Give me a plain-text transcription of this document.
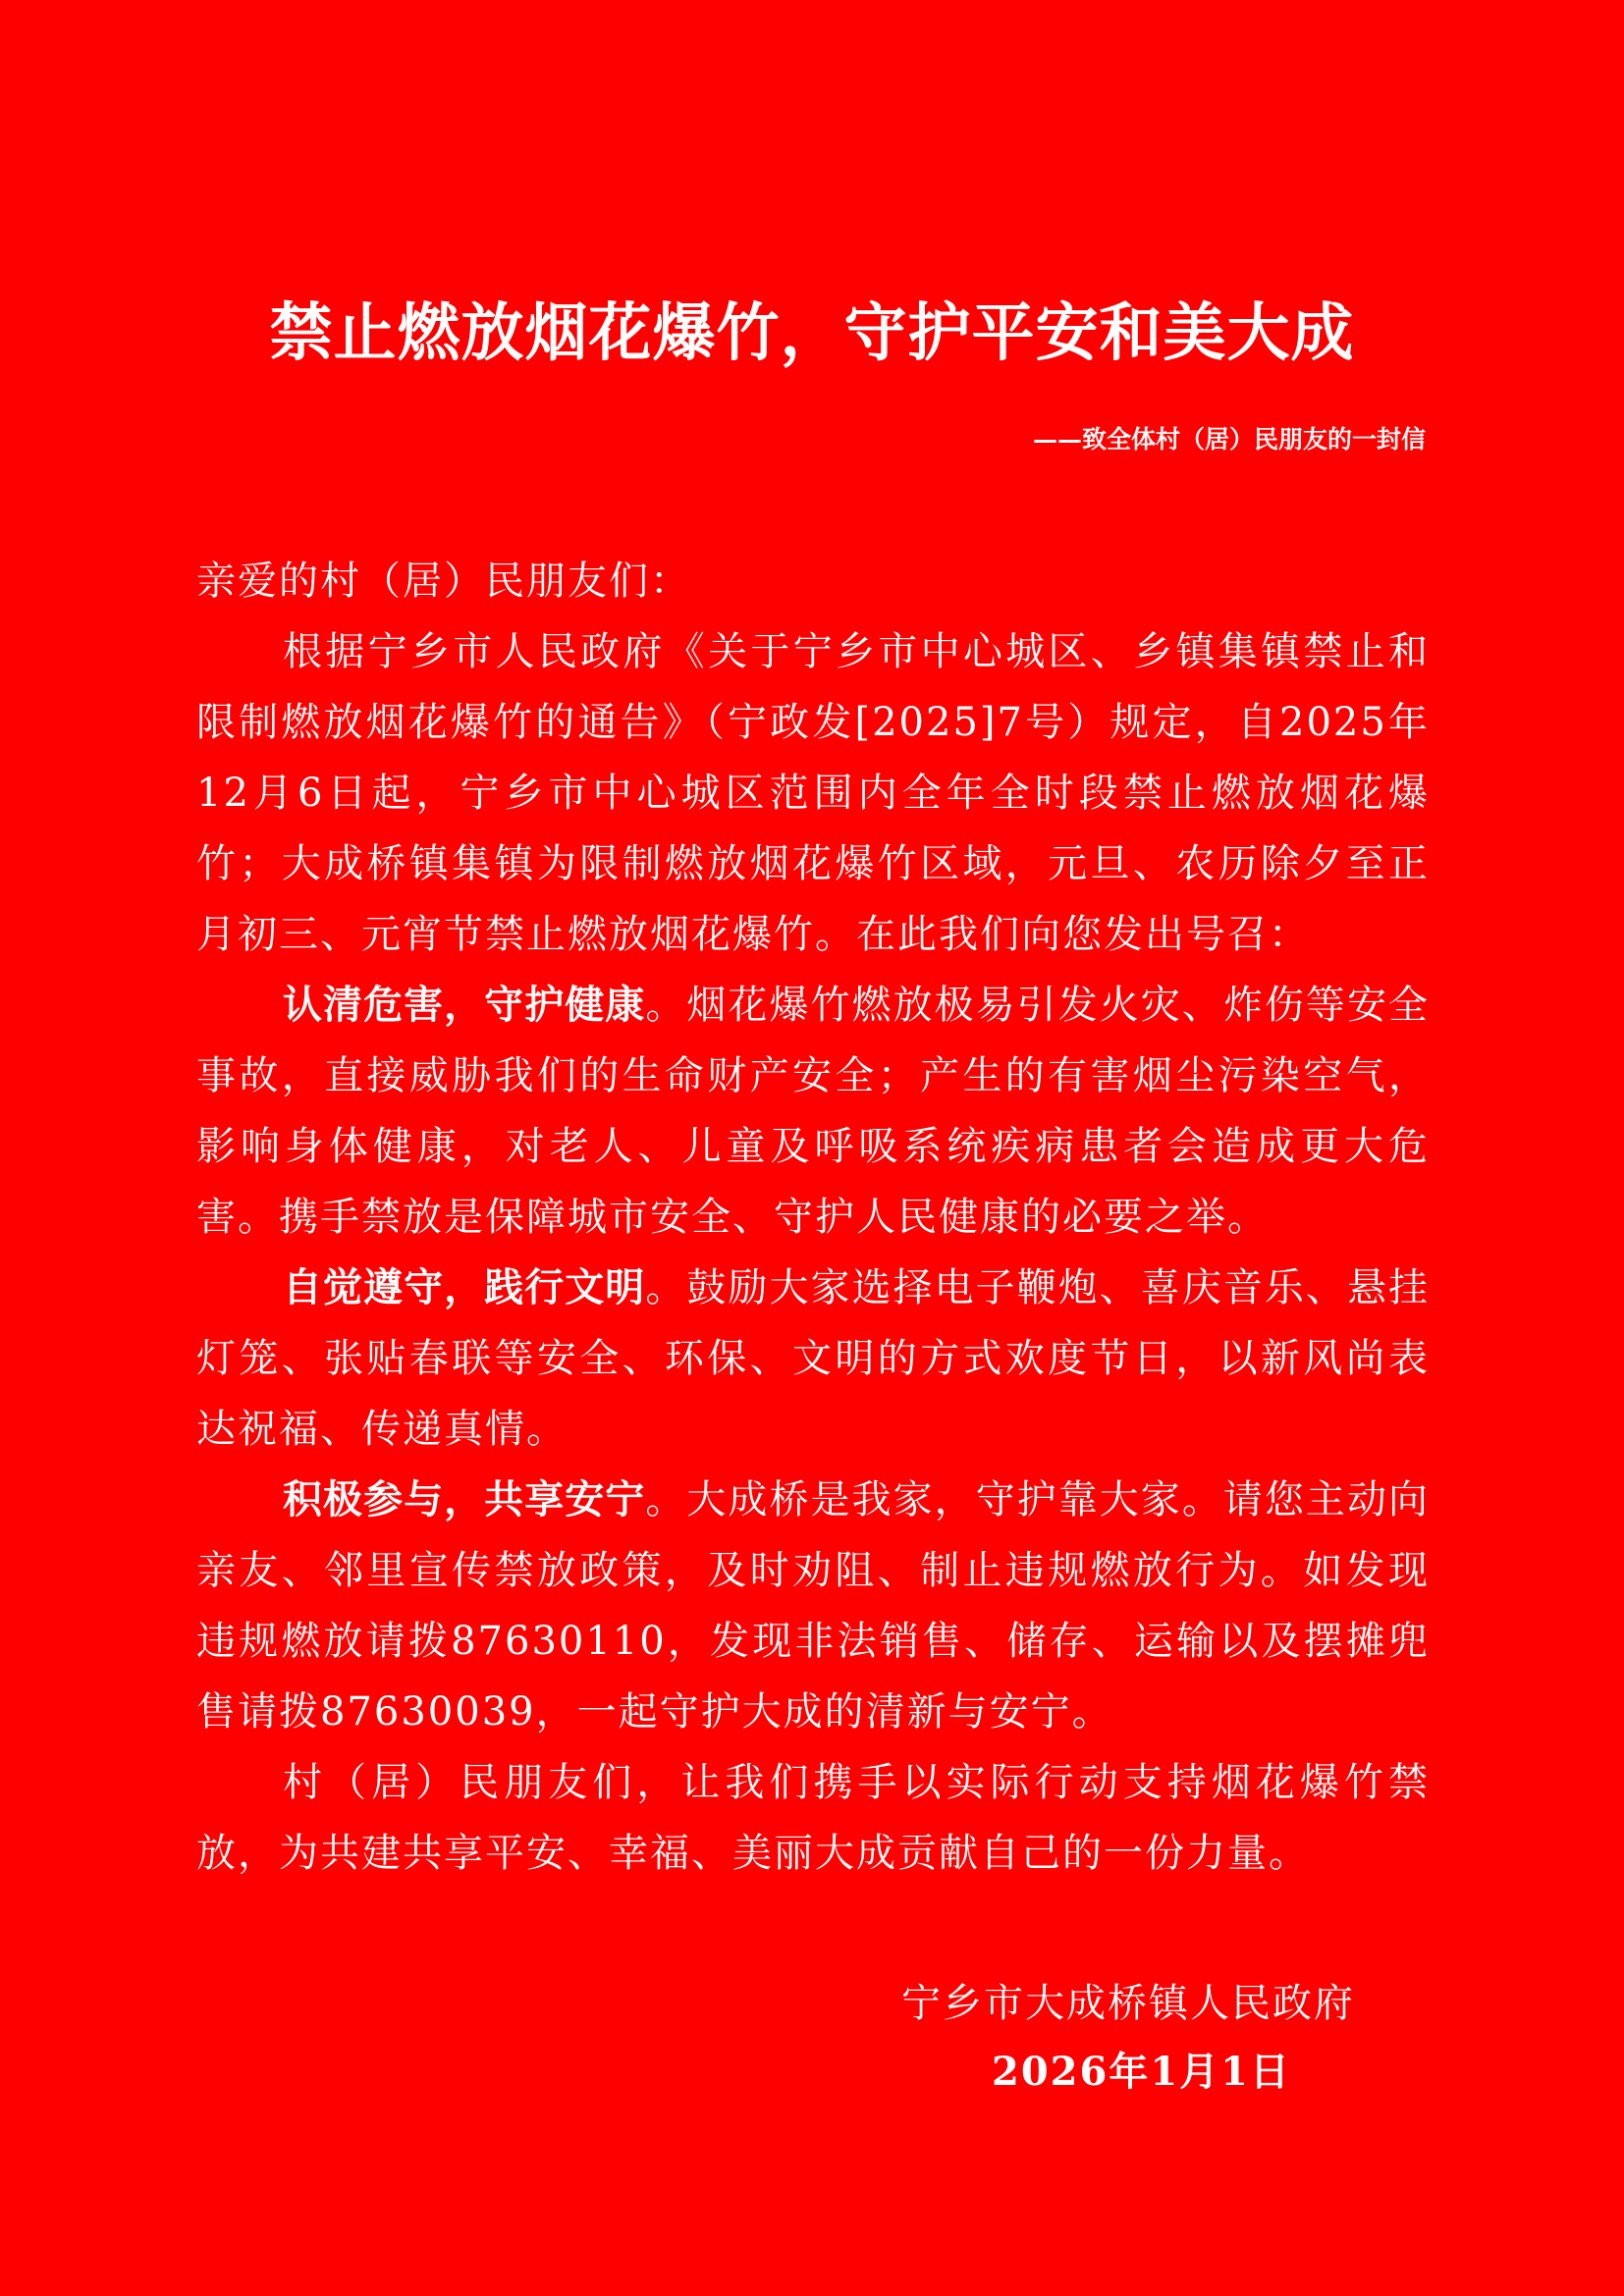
禁止燃放烟花爆竹，守护平安和美大成
——致全体村（居）民朋友的一封信

亲爱的村（居）民朋友们：

根据宁乡市人民政府《关于宁乡市中心城区、乡镇集镇禁止和限制燃放烟花爆竹的通告》（宁政发[2025]7号）规定，自2025年12月6日起，宁乡市中心城区范围内全年全时段禁止燃放烟花爆竹；大成桥镇集镇为限制燃放烟花爆竹区域，元旦、农历除夕至正月初三、元宵节禁止燃放烟花爆竹。在此我们向您发出号召：

认清危害，守护健康。烟花爆竹燃放极易引发火灾、炸伤等安全事故，直接威胁我们的生命财产安全；产生的有害烟尘污染空气，影响身体健康，对老人、儿童及呼吸系统疾病患者会造成更大危害。携手禁放是保障城市安全、守护人民健康的必要之举。

自觉遵守，践行文明。鼓励大家选择电子鞭炮、喜庆音乐、悬挂灯笼、张贴春联等安全、环保、文明的方式欢度节日，以新风尚表达祝福、传递真情。

积极参与，共享安宁。大成桥是我家，守护靠大家。请您主动向亲友、邻里宣传禁放政策，及时劝阻、制止违规燃放行为。如发现违规燃放请拨87630110，发现非法销售、储存、运输以及摆摊兜售请拨87630039，一起守护大成的清新与安宁。

村（居）民朋友们，让我们携手以实际行动支持烟花爆竹禁放，为共建共享平安、幸福、美丽大成贡献自己的一份力量。

宁乡市大成桥镇人民政府
2026年1月1日
